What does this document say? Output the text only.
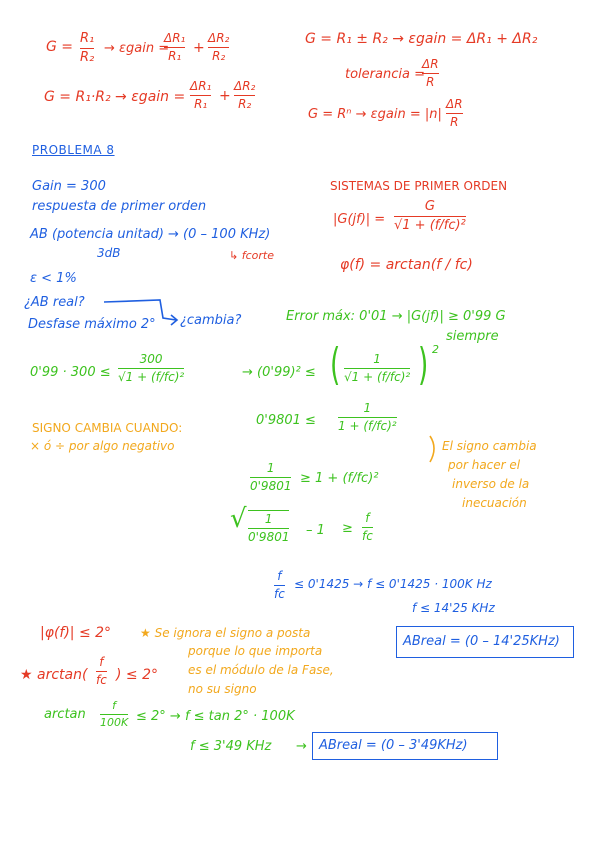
G =
R₁
R₂
→ εgain =
ΔR₁
R₁ +
ΔR₂
R₂
G = R₁·R₂ → εgain =
ΔR₁
R₁ +
ΔR₂
R₂
G = R₁ ± R₂ → εgain = ΔR₁ + ΔR₂
tolerancia =
ΔR
R
G = Rⁿ → εgain = |n|
ΔR
R
PROBLEMA 8
Gain = 300
respuesta de primer orden
AB (potencia unitad) → (0 – 100 KHz)
3dB	↳ fcorte
ε < 1%
¿AB real?
Desfase máximo 2° ¿cambia?
SISTEMAS DE PRIMER ORDEN
|G(jf)| =
G
√1 + (f/fc)²
φ(f) = arctan(f / fc)
Error máx: 0'01 → |G(jf)| ≥ 0'99 G
siempre
0'99 · 300 ≤
300
√1 + (f/fc)²	→ (0'99)² ≤ (	1
√1 + (f/fc)² ) 2
0'9801 ≤
1
1 + (f/fc)²
1
0'9801 ≥ 1 + (f/fc)²
√ 1
0'9801 – 1 ≥
f
fc
f
fc
≤ 0'1425 → f ≤ 0'1425 · 100K Hz
f ≤ 14'25 KHz
ABreal = (0 – 14'25KHz)
SIGNO CAMBIA CUANDO:
× ó ÷ por algo negativo	El signo cambia
por hacer el
inverso de la
inecuación
|φ(f)| ≤ 2° ★ Se ignora el signo a posta
porque lo que importa
es el módulo de la Fase,
no su signo
★ arctan(
f
fc ) ≤ 2°
arctan
f
100K ≤ 2° → f ≤ tan 2° · 100K
f ≤ 3'49 KHz → ABreal = (0 – 3'49KHz)
